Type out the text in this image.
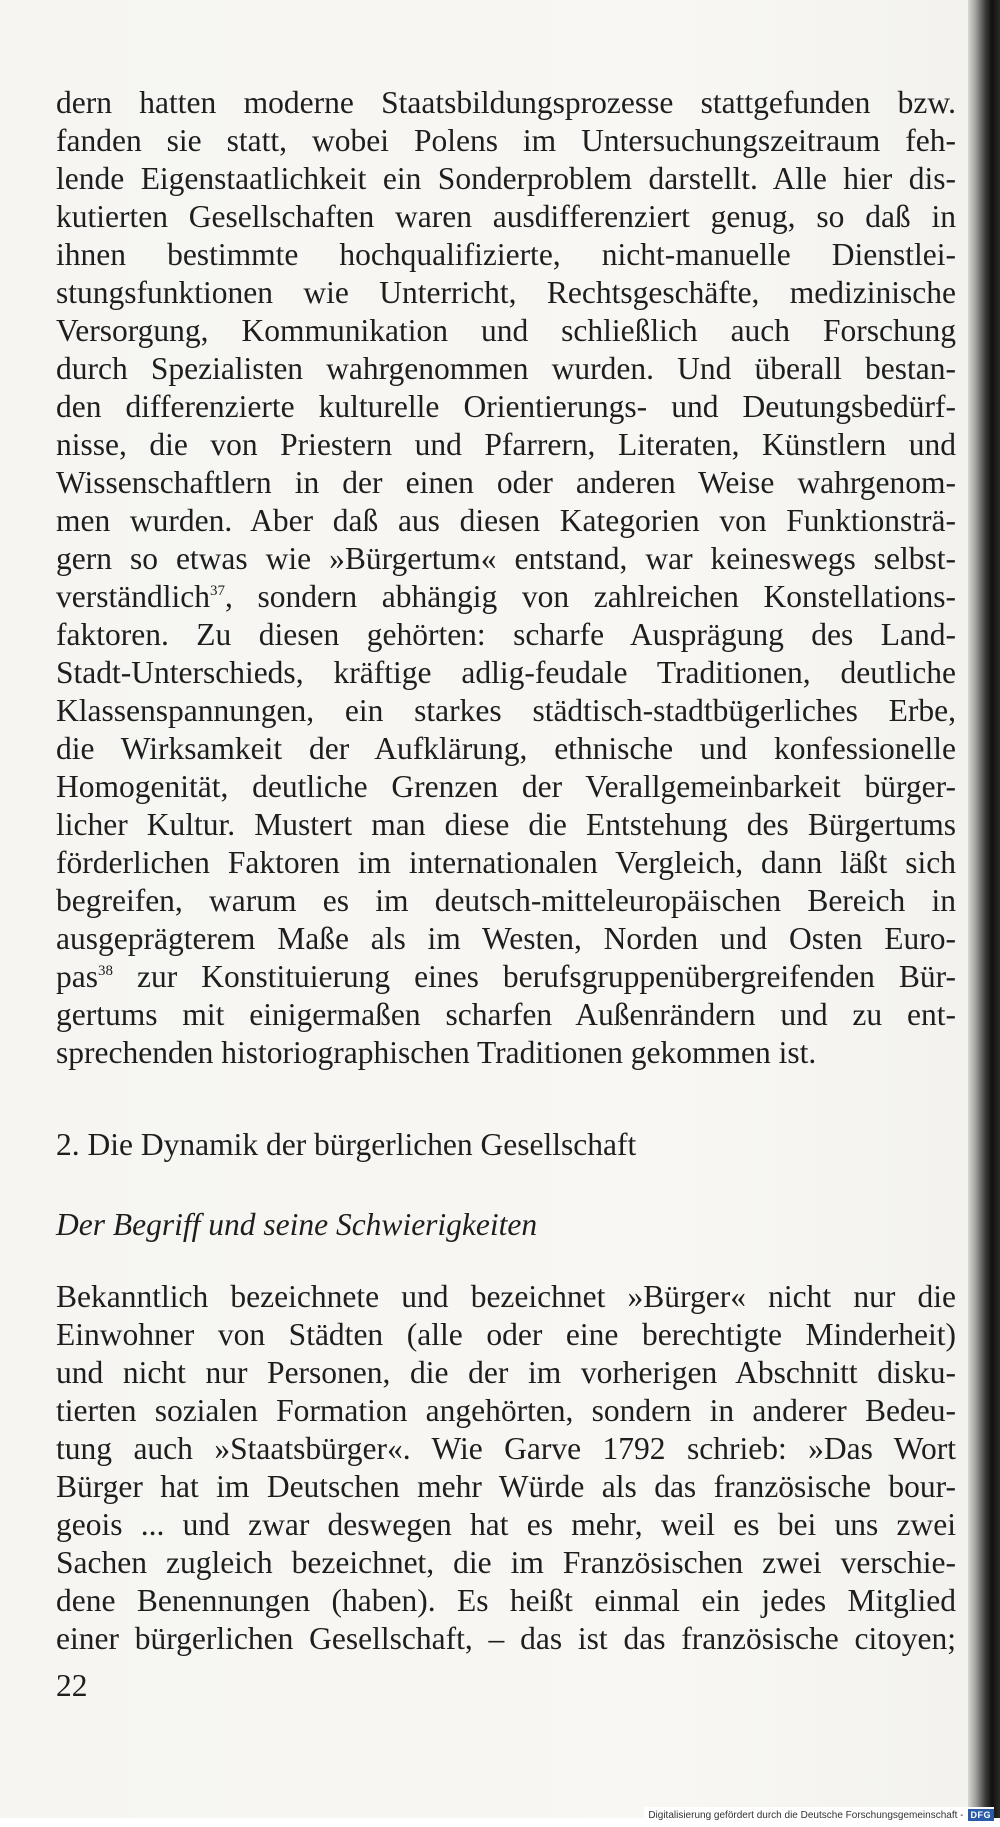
dern hatten moderne Staatsbildungsprozesse stattgefunden bzw.
fanden sie statt, wobei Polens im Untersuchungszeitraum feh-
lende Eigenstaatlichkeit ein Sonderproblem darstellt. Alle hier dis-
kutierten Gesellschaften waren ausdifferenziert genug, so daß in
ihnen bestimmte hochqualifizierte, nicht-manuelle Dienstlei-
stungsfunktionen wie Unterricht, Rechtsgeschäfte, medizinische
Versorgung, Kommunikation und schließlich auch Forschung
durch Spezialisten wahrgenommen wurden. Und überall bestan-
den differenzierte kulturelle Orientierungs- und Deutungsbedürf-
nisse, die von Priestern und Pfarrern, Literaten, Künstlern und
Wissenschaftlern in der einen oder anderen Weise wahrgenom-
men wurden. Aber daß aus diesen Kategorien von Funktionsträ-
gern so etwas wie »Bürgertum« entstand, war keineswegs selbst-
verständlich$^{37}$, sondern abhängig von zahlreichen Konstellations-
faktoren. Zu diesen gehörten: scharfe Ausprägung des Land-
Stadt-Unterschieds, kräftige adlig-feudale Traditionen, deutliche
Klassenspannungen, ein starkes städtisch-stadtbügerliches Erbe,
die Wirksamkeit der Aufklärung, ethnische und konfessionelle
Homogenität, deutliche Grenzen der Verallgemeinbarkeit bürger-
licher Kultur. Mustert man diese die Entstehung des Bürgertums
förderlichen Faktoren im internationalen Vergleich, dann läßt sich
begreifen, warum es im deutsch-mitteleuropäischen Bereich in
ausgeprägterem Maße als im Westen, Norden und Osten Euro-
pas$^{38}$ zur Konstituierung eines berufsgruppenübergreifenden Bür-
gertums mit einigermaßen scharfen Außenrändern und zu ent-
sprechenden historiographischen Traditionen gekommen ist.
2. Die Dynamik der bürgerlichen Gesellschaft
Der Begriff und seine Schwierigkeiten
Bekanntlich bezeichnete und bezeichnet »Bürger« nicht nur die
Einwohner von Städten (alle oder eine berechtigte Minderheit)
und nicht nur Personen, die der im vorherigen Abschnitt disku-
tierten sozialen Formation angehörten, sondern in anderer Bedeu-
tung auch »Staatsbürger«. Wie Garve 1792 schrieb: »Das Wort
Bürger hat im Deutschen mehr Würde als das französische bour-
geois ... und zwar deswegen hat es mehr, weil es bei uns zwei
Sachen zugleich bezeichnet, die im Französischen zwei verschie-
dene Benennungen (haben). Es heißt einmal ein jedes Mitglied
einer bürgerlichen Gesellschaft, – das ist das französische citoyen;
22
Digitalisierung gefördert durch die Deutsche Forschungsgemeinschaft - DFG
